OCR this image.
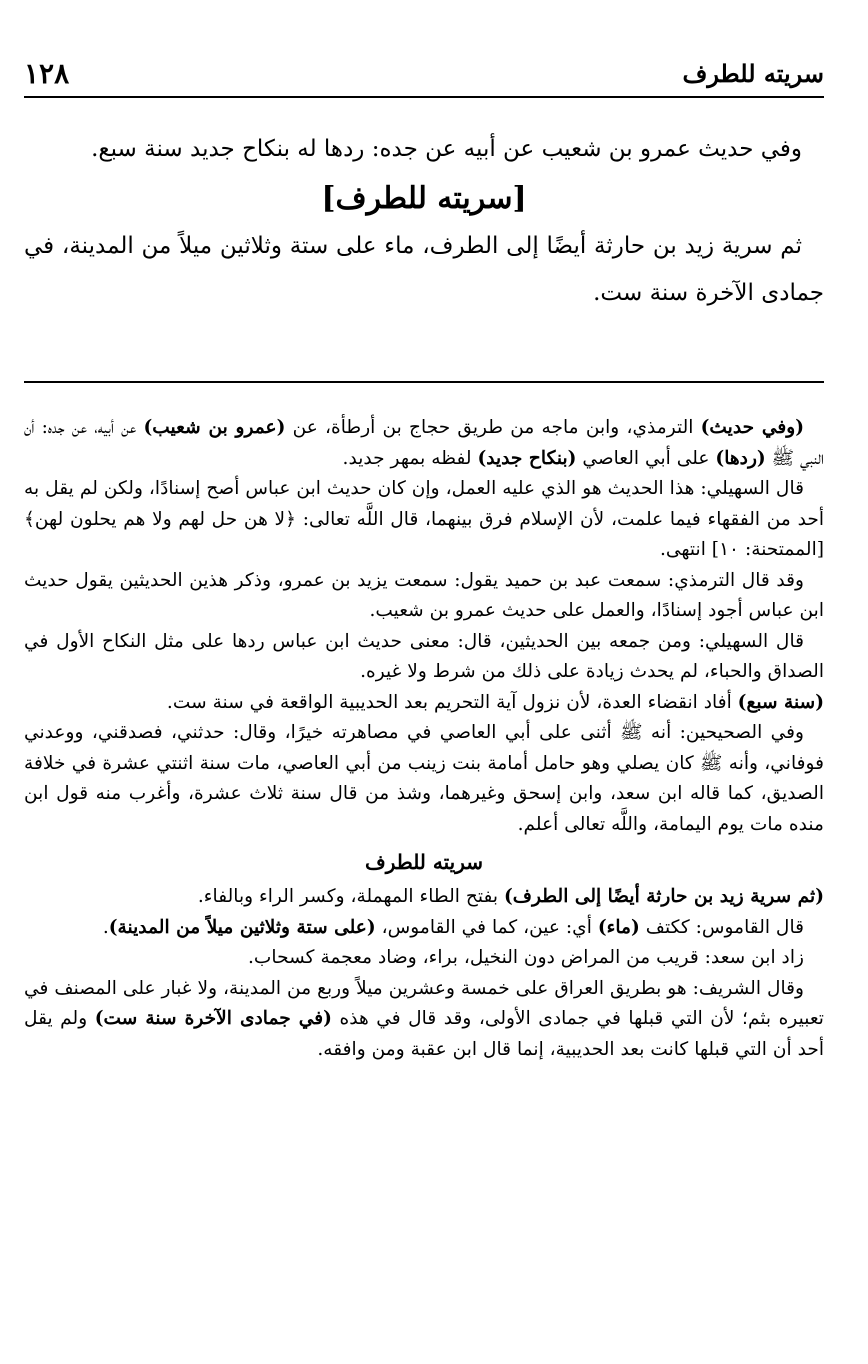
سريته للطرف
١٢٨

وفي حديث عمرو بن شعيب عن أبيه عن جده: ردها له بنكاح جديد سنة سبع.

[سريته للطرف]

ثم سرية زيد بن حارثة أيضًا إلى الطرف، ماء على ستة وثلاثين ميلاً من المدينة، في جمادى الآخرة سنة ست.

(وفي حديث) الترمذي، وابن ماجه من طريق حجاج بن أرطأة، عن (عمرو بن شعيب) عن أبيه، عن جده: أن النبي ﷺ (ردها) على أبي العاصي (بنكاح جديد) لفظه بمهر جديد.

قال السهيلي: هذا الحديث هو الذي عليه العمل، وإن كان حديث ابن عباس أصح إسنادًا، ولكن لم يقل به أحد من الفقهاء فيما علمت، لأن الإسلام فرق بينهما، قال اللَّه تعالى: ﴿لا هن حل لهم ولا هم يحلون لهن﴾ [الممتحنة: ١٠] انتهى.

وقد قال الترمذي: سمعت عبد بن حميد يقول: سمعت يزيد بن عمرو، وذكر هذين الحديثين يقول حديث ابن عباس أجود إسنادًا، والعمل على حديث عمرو بن شعيب.

قال السهيلي: ومن جمعه بين الحديثين، قال: معنى حديث ابن عباس ردها على مثل النكاح الأول في الصداق والحباء، لم يحدث زيادة على ذلك من شرط ولا غيره.

(سنة سبع) أفاد انقضاء العدة، لأن نزول آية التحريم بعد الحديبية الواقعة في سنة ست.

وفي الصحيحين: أنه ﷺ أثنى على أبي العاصي في مصاهرته خيرًا، وقال: حدثني، فصدقني، ووعدني فوفاني، وأنه ﷺ كان يصلي وهو حامل أمامة بنت زينب من أبي العاصي، مات سنة اثنتي عشرة في خلافة الصديق، كما قاله ابن سعد، وابن إسحق وغيرهما، وشذ من قال سنة ثلاث عشرة، وأغرب منه قول ابن منده مات يوم اليمامة، واللَّه تعالى أعلم.

سريته للطرف

(ثم سرية زيد بن حارثة أيضًا إلى الطرف) بفتح الطاء المهملة، وكسر الراء وبالفاء.

قال القاموس: ككتف (ماء) أي: عين، كما في القاموس، (على ستة وثلاثين ميلاً من المدينة).

زاد ابن سعد: قريب من المراض دون النخيل، براء، وضاد معجمة كسحاب.

وقال الشريف: هو بطريق العراق على خمسة وعشرين ميلاً وربع من المدينة، ولا غبار على المصنف في تعبيره بثم؛ لأن التي قبلها في جمادى الأولى، وقد قال في هذه (في جمادى الآخرة سنة ست) ولم يقل أحد أن التي قبلها كانت بعد الحديبية، إنما قال ابن عقبة ومن وافقه.
